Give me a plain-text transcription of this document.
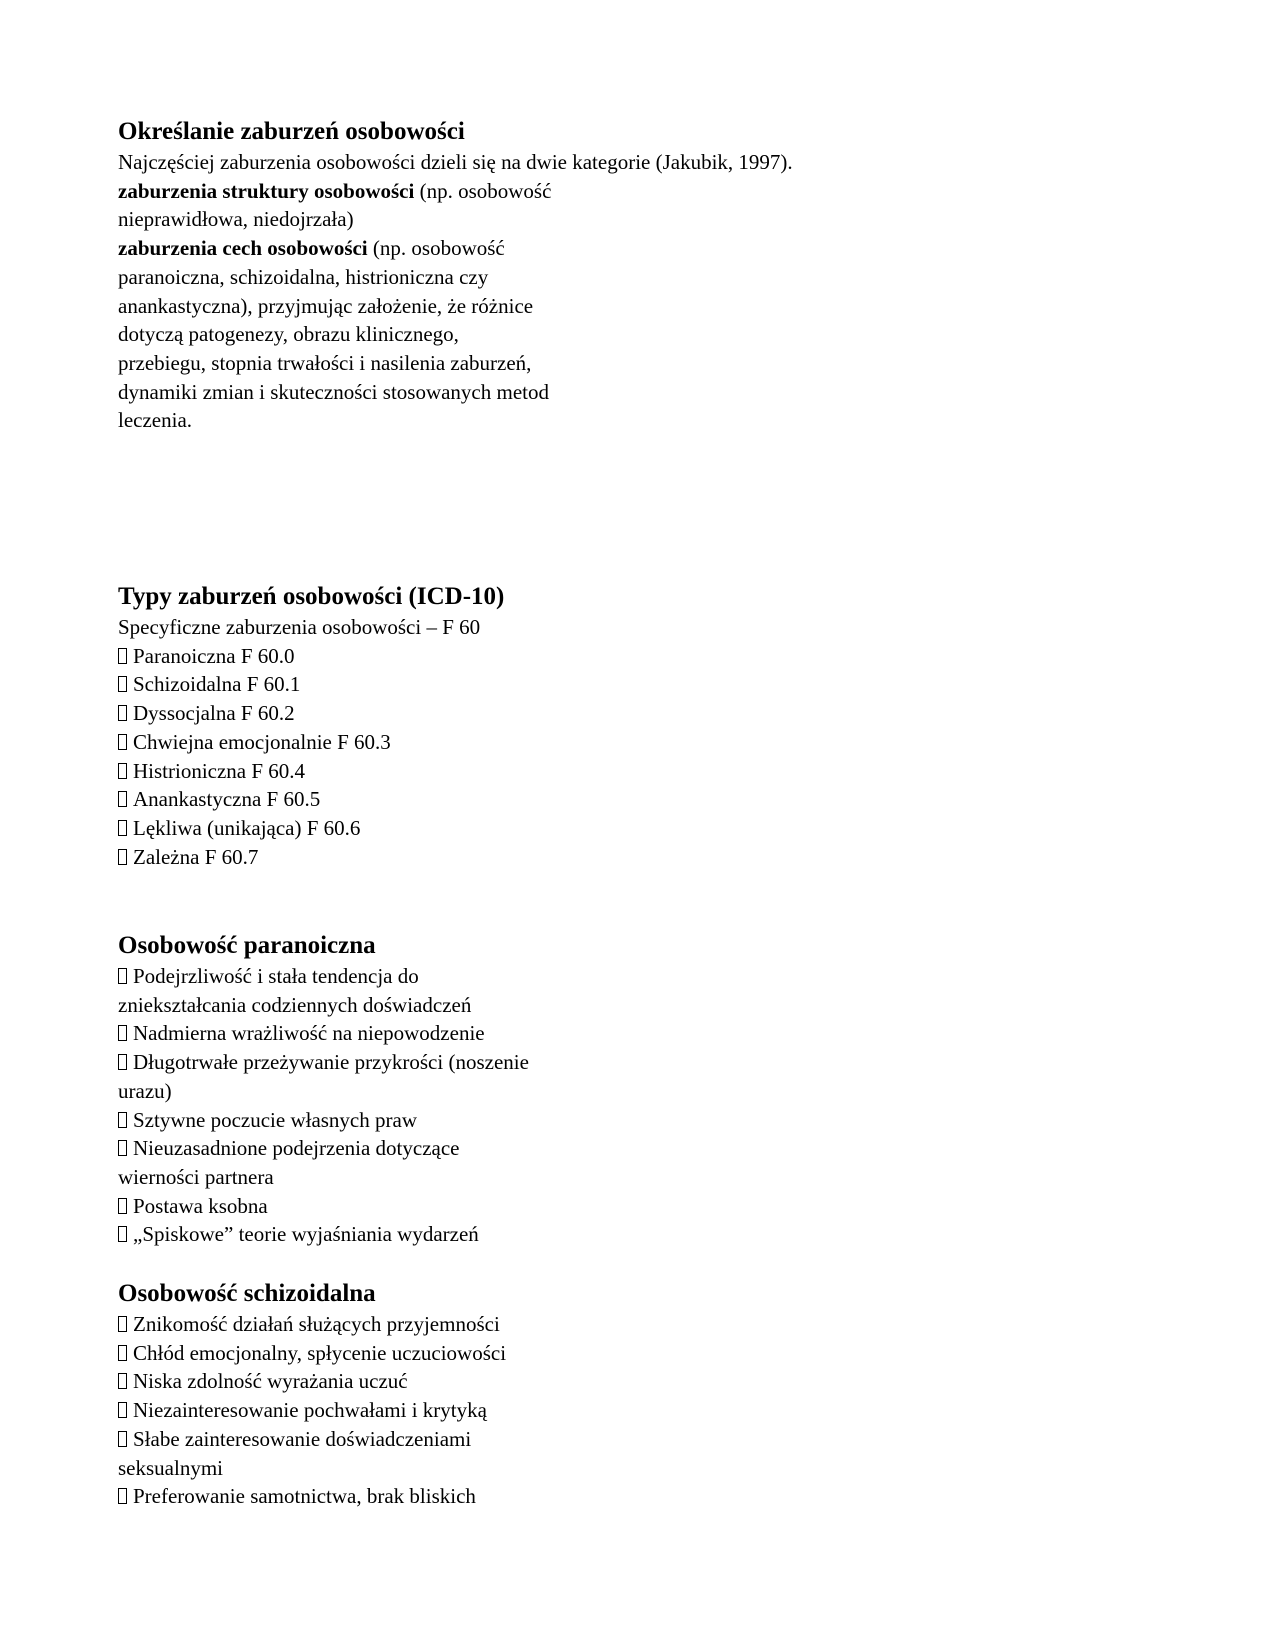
Określanie zaburzeń osobowości
Najczęściej zaburzenia osobowości dzieli się na dwie kategorie (Jakubik, 1997).
zaburzenia struktury osobowości (np. osobowość
nieprawidłowa, niedojrzała)
zaburzenia cech osobowości (np. osobowość
paranoiczna, schizoidalna, histrioniczna czy
anankastyczna), przyjmując założenie, że różnice
dotyczą patogenezy, obrazu klinicznego,
przebiegu, stopnia trwałości i nasilenia zaburzeń,
dynamiki zmian i skuteczności stosowanych metod
leczenia.
Typy zaburzeń osobowości (ICD-10)
Specyficzne zaburzenia osobowości – F 60
Paranoiczna F 60.0
Schizoidalna F 60.1
Dyssocjalna F 60.2
Chwiejna emocjonalnie F 60.3
Histrioniczna F 60.4
Anankastyczna F 60.5
Lękliwa (unikająca) F 60.6
Zależna F 60.7
Osobowość paranoiczna
Podejrzliwość i stała tendencja do
zniekształcania codziennych doświadczeń
Nadmierna wrażliwość na niepowodzenie
Długotrwałe przeżywanie przykrości (noszenie
urazu)
Sztywne poczucie własnych praw
Nieuzasadnione podejrzenia dotyczące
wierności partnera
Postawa ksobna
„Spiskowe” teorie wyjaśniania wydarzeń
Osobowość schizoidalna
Znikomość działań służących przyjemności
Chłód emocjonalny, spłycenie uczuciowości
Niska zdolność wyrażania uczuć
Niezainteresowanie pochwałami i krytyką
Słabe zainteresowanie doświadczeniami
seksualnymi
Preferowanie samotnictwa, brak bliskich
